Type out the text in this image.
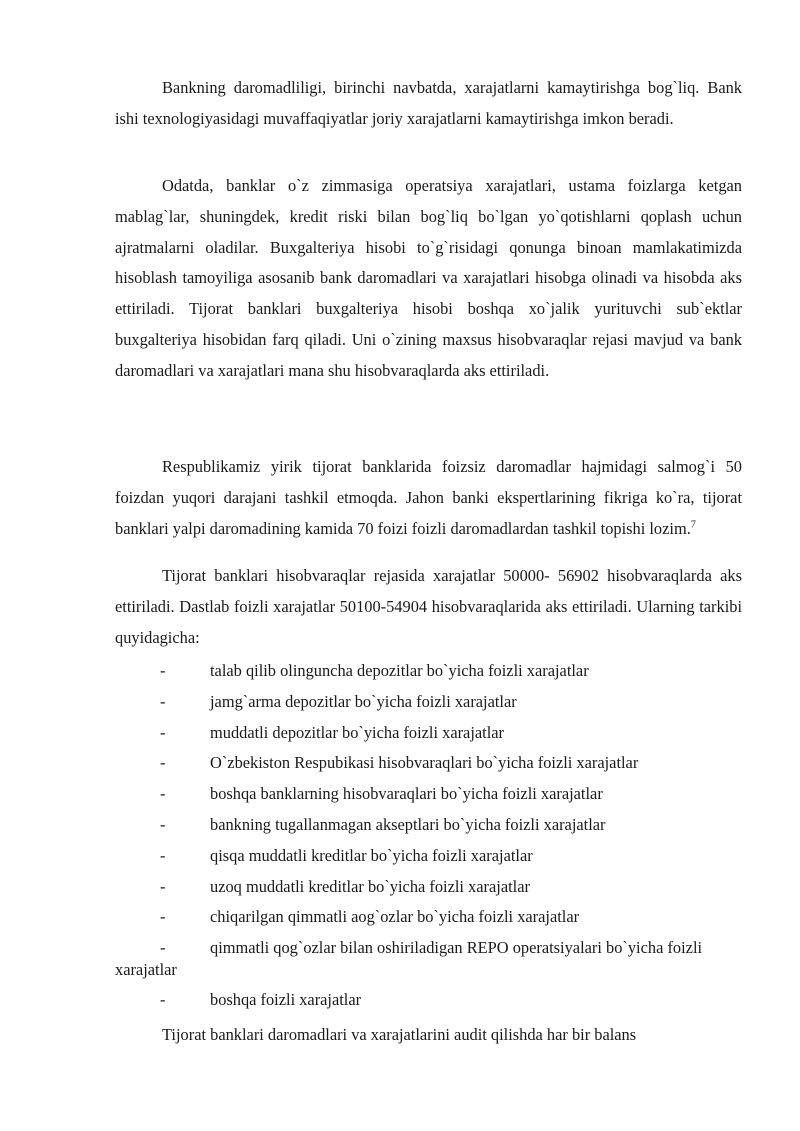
Bankning daromadliligi, birinchi navbatda, xarajatlarni kamaytirishga bog`liq. Bank ishi texnologiyasidagi muvaffaqiyatlar joriy xarajatlarni kamaytirishga imkon beradi.

Odatda, banklar o`z zimmasiga operatsiya xarajatlari, ustama foizlarga ketgan mablag`lar, shuningdek, kredit riski bilan bog`liq bo`lgan yo`qotishlarni qoplash uchun ajratmalarni oladilar. Buxgalteriya hisobi to`g`risidagi qonunga binoan mamlakatimizda hisoblash tamoyiliga asosanib bank daromadlari va xarajatlari hisobga olinadi va hisobda aks ettiriladi. Tijorat banklari buxgalteriya hisobi boshqa xo`jalik yurituvchi sub`ektlar buxgalteriya hisobidan farq qiladi. Uni o`zining maxsus hisobvaraqlar rejasi mavjud va bank daromadlari va xarajatlari mana shu hisobvaraqlarda aks ettiriladi.

Respublikamiz yirik tijorat banklarida foizsiz daromadlar hajmidagi salmog`i 50 foizdan yuqori darajani tashkil etmoqda. Jahon banki ekspertlarining fikriga ko`ra, tijorat banklari yalpi daromadining kamida 70 foizi foizli daromadlardan tashkil topishi lozim.$^7$

Tijorat banklari hisobvaraqlar rejasida xarajatlar 50000- 56902 hisobvaraqlarda aks ettiriladi. Dastlab foizli xarajatlar 50100-54904 hisobvaraqlarida aks ettiriladi. Ularning tarkibi quyidagicha:

-	talab qilib olinguncha depozitlar bo`yicha foizli xarajatlar
-	jamg`arma depozitlar bo`yicha foizli xarajatlar
-	muddatli depozitlar bo`yicha foizli xarajatlar
-	O`zbekiston Respubikasi hisobvaraqlari bo`yicha foizli xarajatlar
-	boshqa banklarning hisobvaraqlari bo`yicha foizli xarajatlar
-	bankning tugallanmagan akseptlari bo`yicha foizli xarajatlar
-	qisqa muddatli kreditlar bo`yicha foizli xarajatlar
-	uzoq muddatli kreditlar bo`yicha foizli xarajatlar
-	chiqarilgan qimmatli aog`ozlar bo`yicha foizli xarajatlar
-	qimmatli qog`ozlar bilan oshiriladigan REPO operatsiyalari bo`yicha foizli xarajatlar
-	boshqa foizli xarajatlar

Tijorat banklari daromadlari va xarajatlarini audit qilishda har bir balans
